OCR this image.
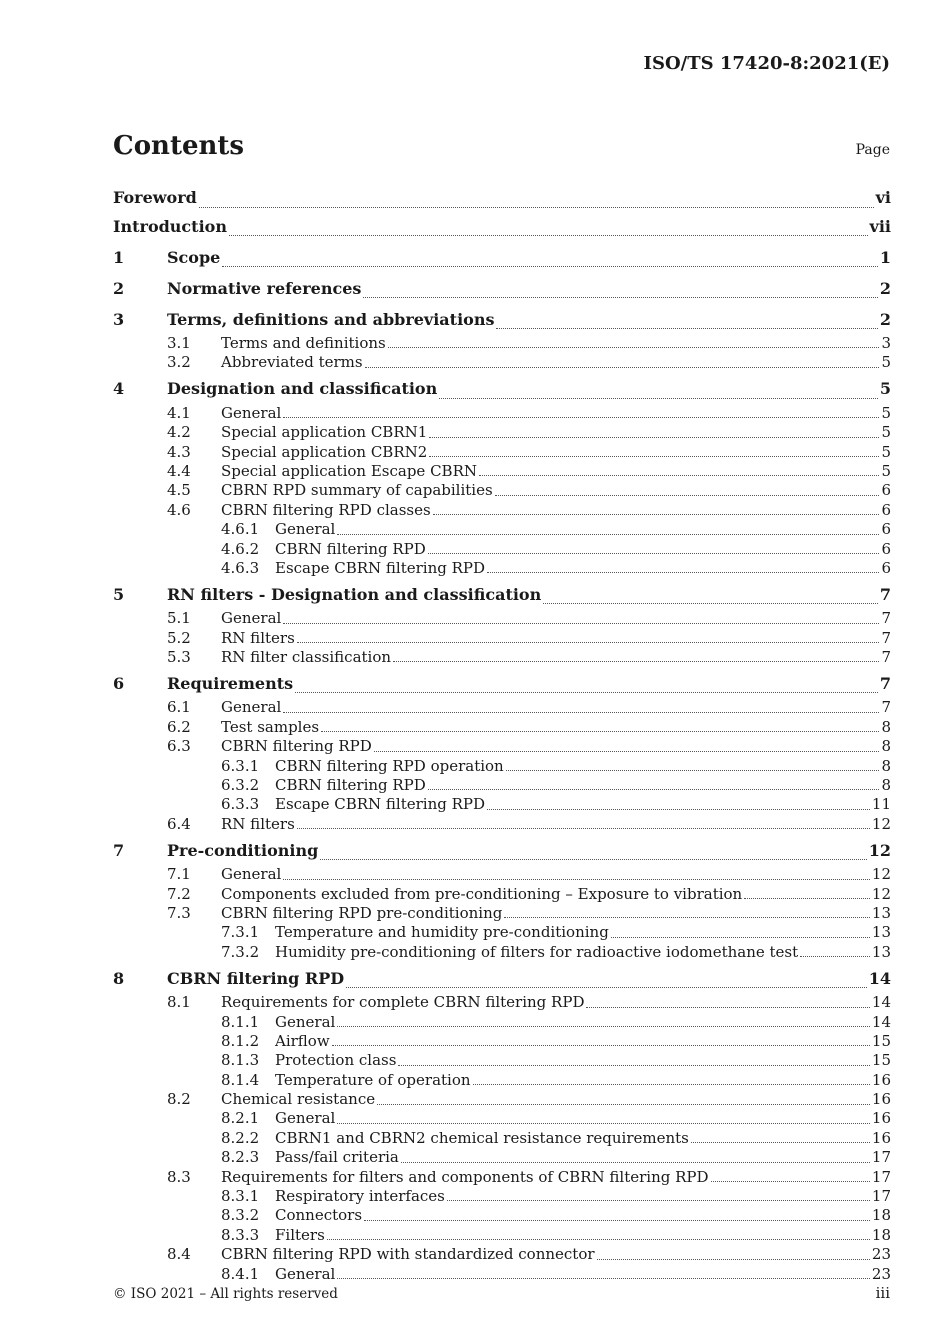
ISO/TS 17420-8:2021(E)
Contents	Page
Foreword	vi
Introduction	vii
1	Scope	1
2	Normative references	2
3	Terms, definitions and abbreviations	2
3.1	Terms and definitions	3
3.2	Abbreviated terms	5
4	Designation and classification	5
4.1	General	5
4.2	Special application CBRN1	5
4.3	Special application CBRN2	5
4.4	Special application Escape CBRN	5
4.5	CBRN RPD summary of capabilities	6
4.6	CBRN filtering RPD classes	6
4.6.1	General	6
4.6.2	CBRN filtering RPD	6
4.6.3	Escape CBRN filtering RPD	6
5	RN filters - Designation and classification	7
5.1	General	7
5.2	RN filters	7
5.3	RN filter classification	7
6	Requirements	7
6.1	General	7
6.2	Test samples	8
6.3	CBRN filtering RPD	8
6.3.1	CBRN filtering RPD operation	8
6.3.2	CBRN filtering RPD	8
6.3.3	Escape CBRN filtering RPD	11
6.4	RN filters	12
7	Pre-conditioning	12
7.1	General	12
7.2	Components excluded from pre-conditioning – Exposure to vibration	12
7.3	CBRN filtering RPD pre-conditioning	13
7.3.1	Temperature and humidity pre-conditioning	13
7.3.2	Humidity pre-conditioning of filters for radioactive iodomethane test	13
8	CBRN filtering RPD	14
8.1	Requirements for complete CBRN filtering RPD	14
8.1.1	General	14
8.1.2	Airflow	15
8.1.3	Protection class	15
8.1.4	Temperature of operation	16
8.2	Chemical resistance	16
8.2.1	General	16
8.2.2	CBRN1 and CBRN2 chemical resistance requirements	16
8.2.3	Pass/fail criteria	17
8.3	Requirements for filters and components of CBRN filtering RPD	17
8.3.1	Respiratory interfaces	17
8.3.2	Connectors	18
8.3.3	Filters	18
8.4	CBRN filtering RPD with standardized connector	23
8.4.1	General	23
© ISO 2021 – All rights reserved	iii
